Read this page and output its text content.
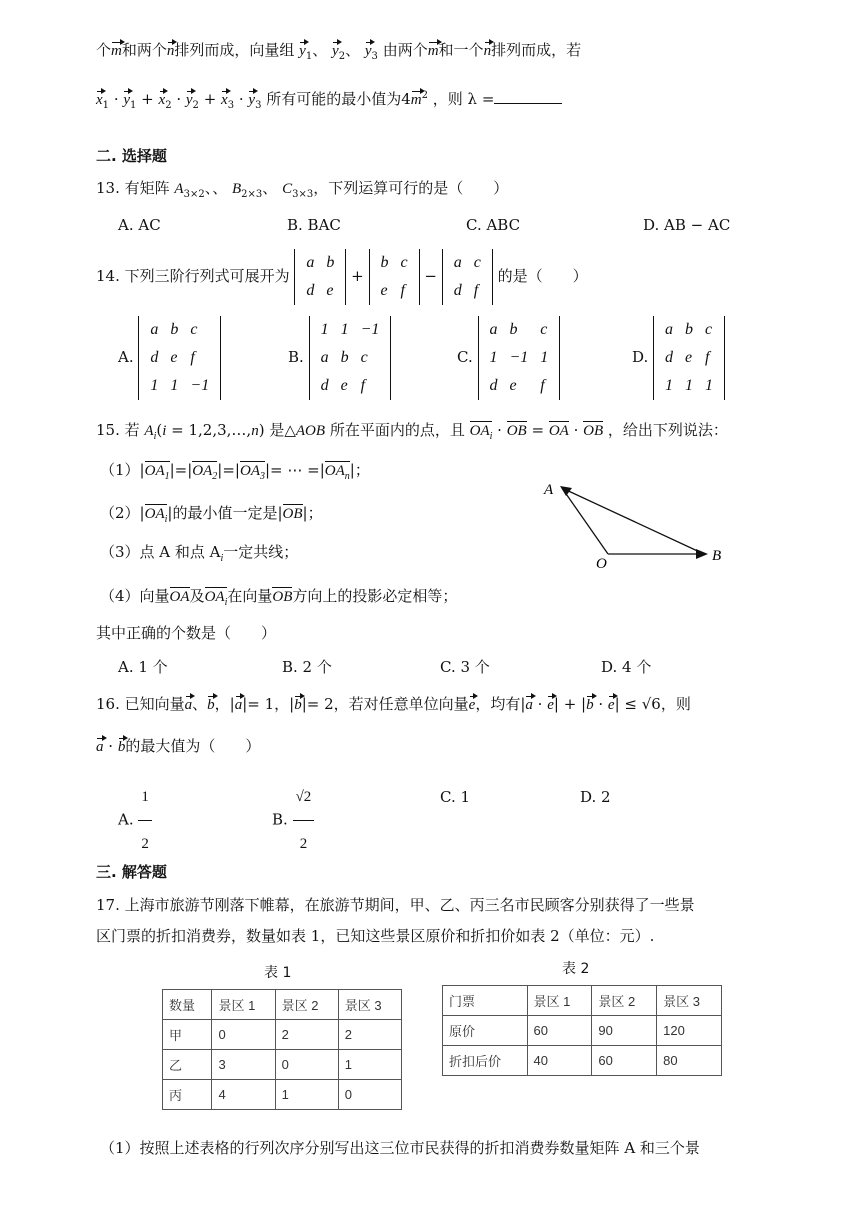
个m和两个n排列而成，向量组 $y_1$、 $y_2$、 $y_3$ 由两个m和一个n排列而成，若
$x_1 \cdot y_1 + x_2 \cdot y_2 + x_3 \cdot y_3$ 所有可能的最小值为$4m^2$ ，则 λ =
二. 选择题
13. 有矩阵 $A_{3\times 2}$、、 $B_{2\times 3}$、 $C_{3\times 3}$，下列运算可行的是（　　）
A. AC	B. BAC	C. ABC	D. AB − AC
14. 下列三阶行列式可展开为
a	b
d	e
+
b	c
e	f
−
a	c
d	f
的是（　　）
A.
a	b	c
d	e	f
1	1	−1
B.
1	1	−1
a	b	c
d	e	f
C.
a	b	c
1	−1	1
d	e	f
D.
a	b	c
d	e	f
1	1	1
15. 若 $A_i(i$ = 1,2,3,…,n) 是△AOB 所在平面内的点，且 $OA_i$ · OB = OA · OB ，给出下列说法：
$(1)|OA_1|=|OA_2|=|OA_3|=$ ⋯ $=|OA_n|$；
$(2)|OA_i|$的最小值一定是|OB|；
（3）点 A 和点 $A_i$一定共线；
（4）向量OA及$OA_i$在向量OB方向上的投影必定相等；
A
O	B
其中正确的个数是（　　）
A. 1 个	B. 2 个	C. 3 个	D. 4 个
16. 已知向量a、b，|a|= 1，|b|= 2，若对任意单位向量e，均有|a · e| + |b · e| ≤ √6，则
a · b的最大值为（　　）
A. $\frac{1}{2}$	B. $\frac{√2}{2}$	C. 1	D. 2
三. 解答题
17. 上海市旅游节刚落下帷幕，在旅游节期间，甲、乙、丙三名市民顾客分别获得了一些景
区门票的折扣消费券，数量如表 1，已知这些景区原价和折扣价如表 2（单位：元）.
表 1	表 2
数量	景区 1	景区 2	景区 3
甲	0	2	2
乙	3	0	1
丙	4	1	0
门票	景区 1	景区 2	景区 3
原价	60	90	120
折扣后价	40	60	80
（1）按照上述表格的行列次序分别写出这三位市民获得的折扣消费券数量矩阵 A 和三个景
